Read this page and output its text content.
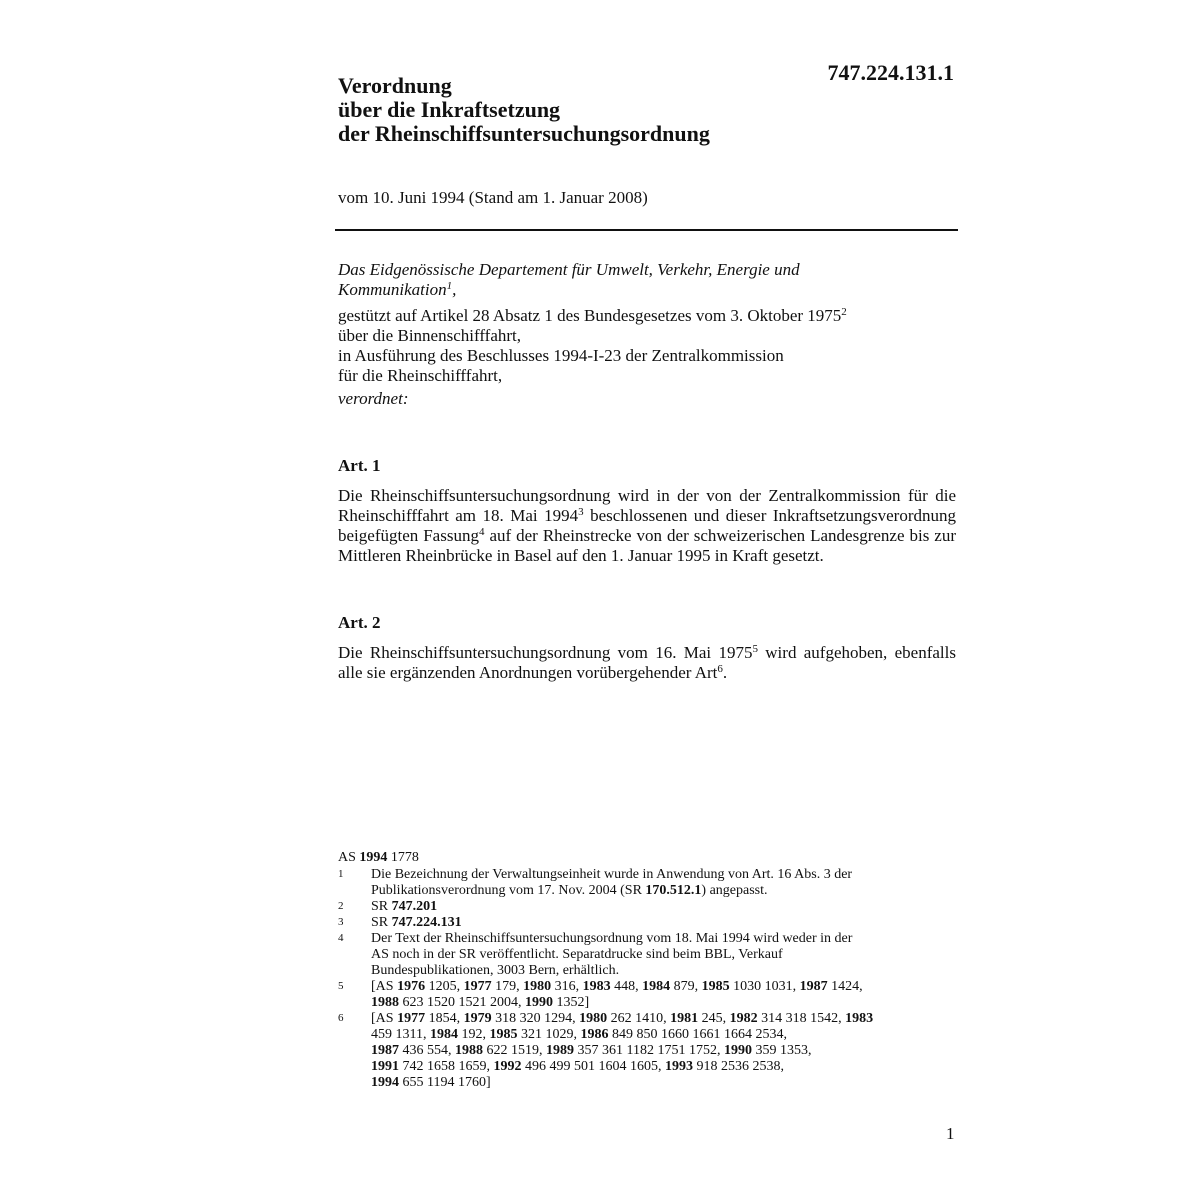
747.224.131.1
Verordnung
über die Inkraftsetzung
der Rheinschiffsuntersuchungsordnung
vom 10. Juni 1994 (Stand am 1. Januar 2008)
Das Eidgenössische Departement für Umwelt, Verkehr, Energie und
Kommunikation$^1$,
gestützt auf Artikel 28 Absatz 1 des Bundesgesetzes vom 3. Oktober 1975$^2$
über die Binnenschifffahrt,
in Ausführung des Beschlusses 1994-I-23 der Zentralkommission
für die Rheinschifffahrt,
verordnet:
Art. 1
Die Rheinschiffsuntersuchungsordnung wird in der von der Zentralkommission für die Rheinschifffahrt am 18. Mai 1994$^3$ beschlossenen und dieser Inkraftsetzungsverordnung beigefügten Fassung$^4$ auf der Rheinstrecke von der schweizerischen Landesgrenze bis zur Mittleren Rheinbrücke in Basel auf den 1. Januar 1995 in Kraft gesetzt.
Art. 2
Die Rheinschiffsuntersuchungsordnung vom 16. Mai 1975$^5$ wird aufgehoben, ebenfalls alle sie ergänzenden Anordnungen vorübergehender Art$^6$.
AS 1994 1778
1	Die Bezeichnung der Verwaltungseinheit wurde in Anwendung von Art. 16 Abs. 3 der
Publikationsverordnung vom 17. Nov. 2004 (SR 170.512.1) angepasst.
2	SR 747.201
3	SR 747.224.131
4	Der Text der Rheinschiffsuntersuchungsordnung vom 18. Mai 1994 wird weder in der
AS noch in der SR veröffentlicht. Separatdrucke sind beim BBL, Verkauf
Bundespublikationen, 3003 Bern, erhältlich.
5	[AS 1976 1205, 1977 179, 1980 316, 1983 448, 1984 879, 1985 1030 1031, 1987 1424,
1988 623 1520 1521 2004, 1990 1352]
6	[AS 1977 1854, 1979 318 320 1294, 1980 262 1410, 1981 245, 1982 314 318 1542, 1983
459 1311, 1984 192, 1985 321 1029, 1986 849 850 1660 1661 1664 2534,
1987 436 554, 1988 622 1519, 1989 357 361 1182 1751 1752, 1990 359 1353,
1991 742 1658 1659, 1992 496 499 501 1604 1605, 1993 918 2536 2538,
1994 655 1194 1760]
1
